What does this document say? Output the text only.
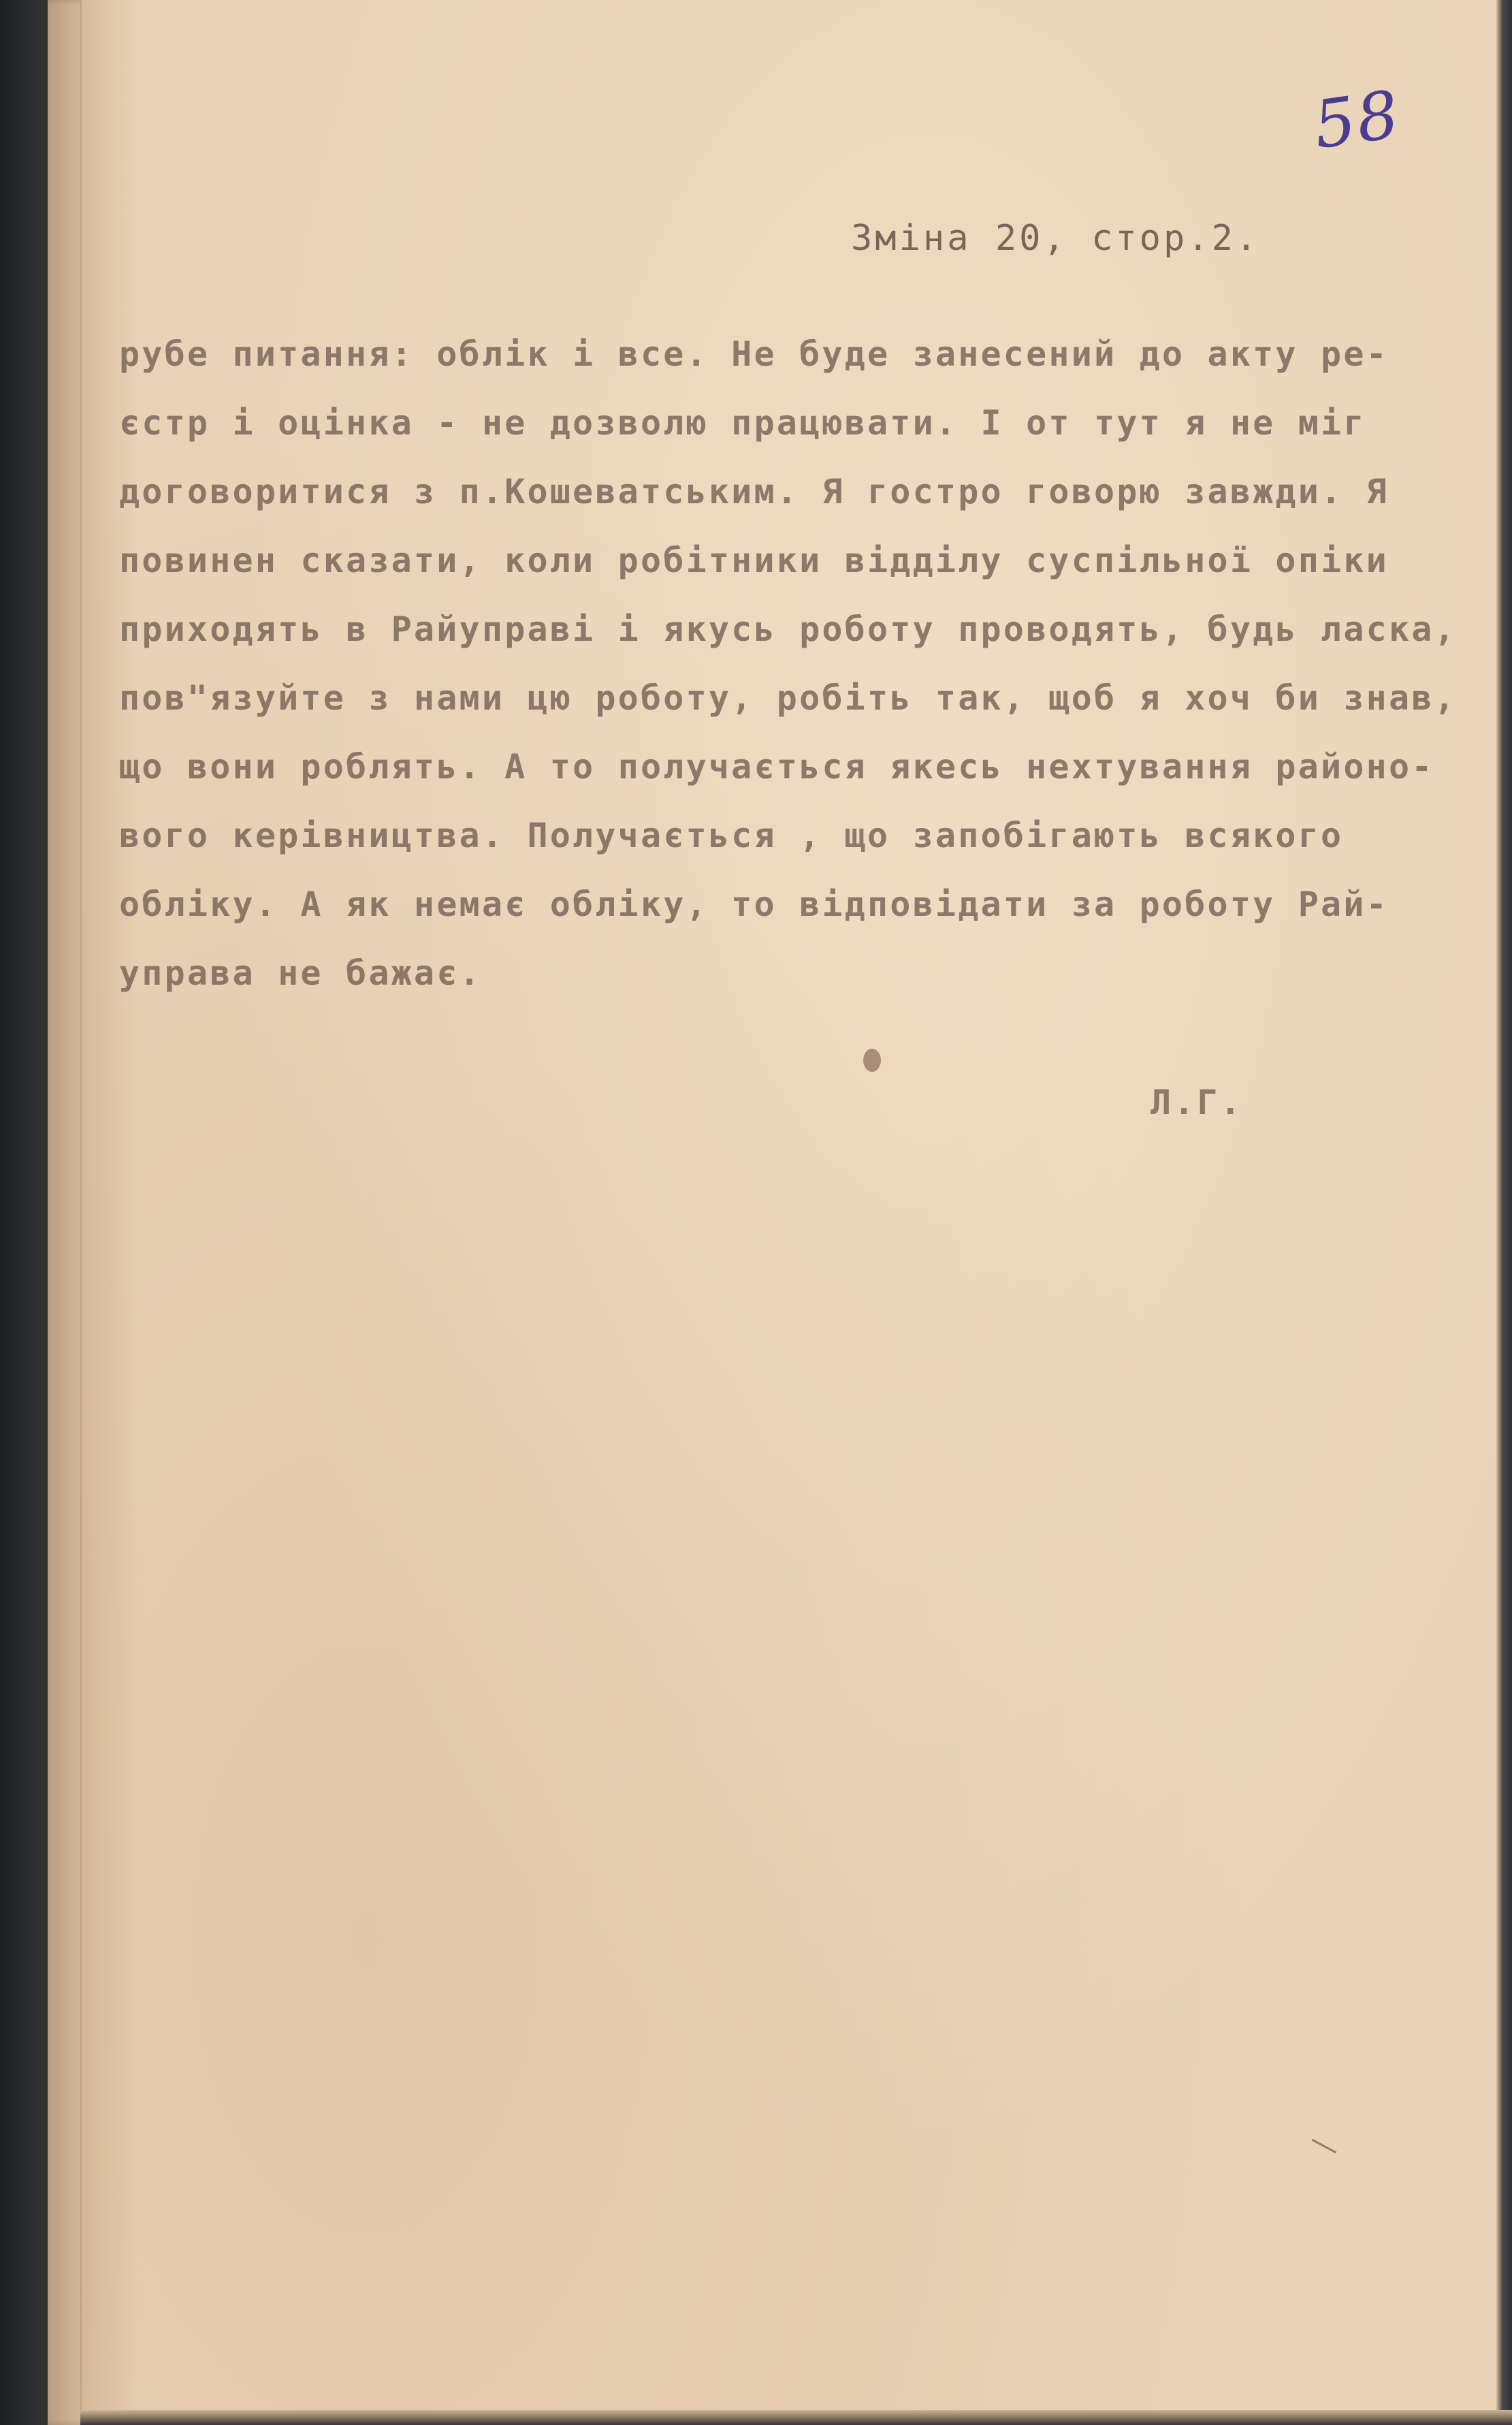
58
Зміна 20, стор.2.
рубе питання: облік і все. Не буде занесений до акту ре-
єстр і оцінка - не дозволю працювати. І от тут я не міг
договоритися з п.Кошеватським. Я гостро говорю завжди. Я
повинен сказати, коли робітники відділу суспільної опіки
приходять в Райуправі і якусь роботу проводять, будь ласка,
пов"язуйте з нами цю роботу, робіть так, щоб я хоч би знав,
що вони роблять. А то получається якесь нехтування районо-
вого керівництва. Получається , що запобігають всякого
обліку. А як немає обліку, то відповідати за роботу Рай-
управа не бажає.
Л.Г.
